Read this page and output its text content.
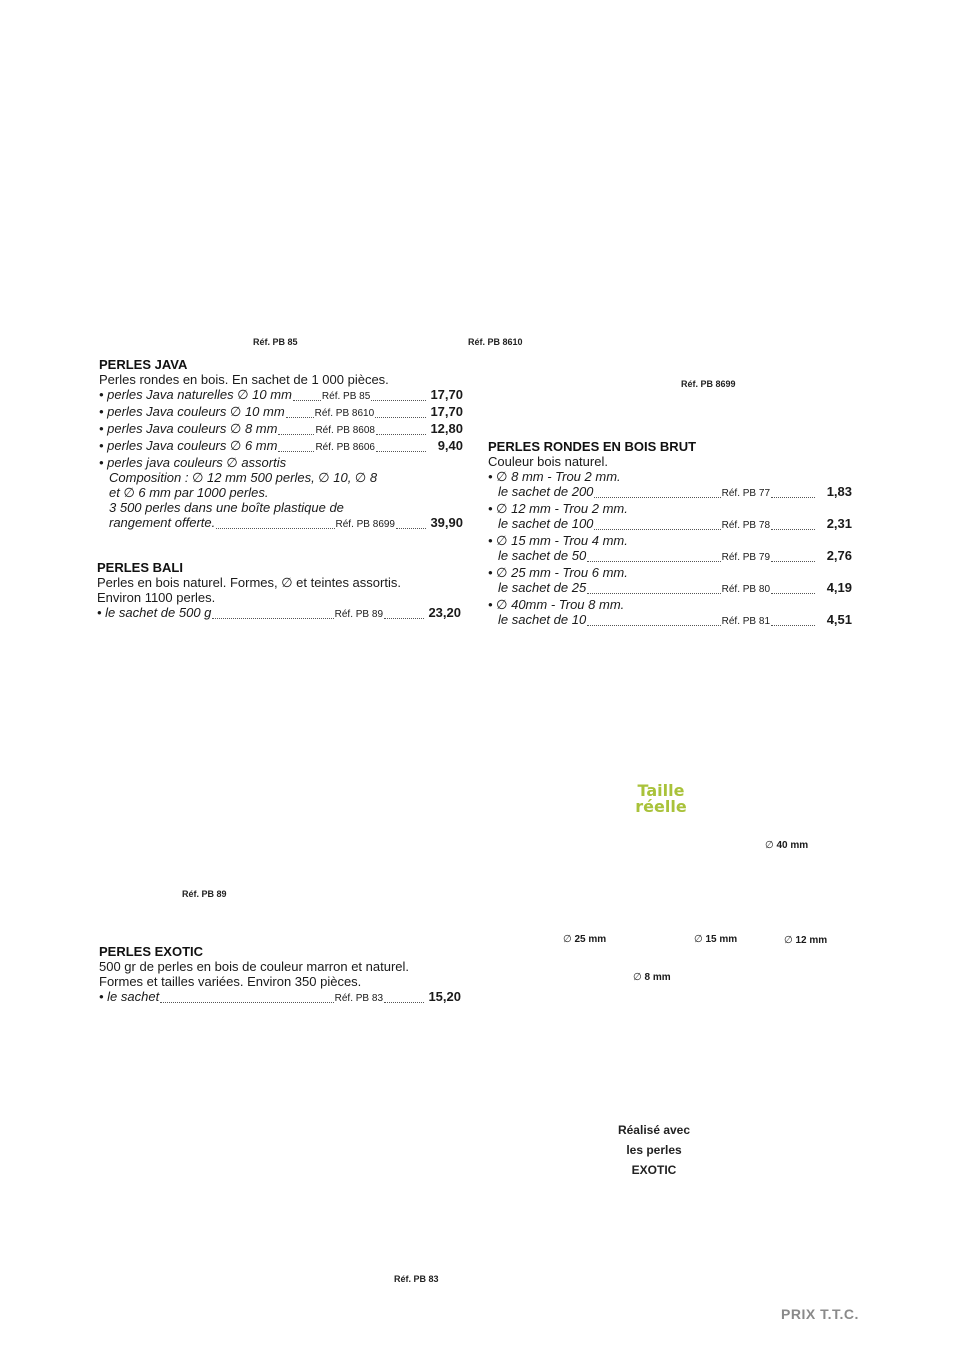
Réf. PB 85	Réf. PB 8610
Réf. PB 8699
Réf. PB 89
Réf. PB 83

PERLES JAVA

Perles rondes en bois. En sachet de 1 000 pièces.

• perles Java naturelles ∅ 10 mm	Réf. PB 85	17,70
• perles Java couleurs ∅ 10 mm	Réf. PB 8610	17,70
• perles Java couleurs ∅ 8 mm	Réf. PB 8608	12,80
• perles Java couleurs ∅ 6 mm	Réf. PB 8606	9,40
• perles java couleurs ∅ assortis
Composition : ∅ 12 mm 500 perles, ∅ 10, ∅ 8
et ∅ 6 mm par 1000 perles.
3 500 perles dans une boîte plastique de
rangement offerte.	Réf. PB 8699	39,90

PERLES BALI

Perles en bois naturel. Formes, ∅ et teintes assortis.

Environ 1100 perles.

• le sachet de 500 g	Réf. PB 89	23,20

PERLES RONDES EN BOIS BRUT

Couleur bois naturel.

• ∅ 8 mm - Trou 2 mm.
le sachet de 200	Réf. PB 77	1,83
• ∅ 12 mm - Trou 2 mm.
le sachet de 100	Réf. PB 78	2,31
• ∅ 15 mm - Trou 4 mm.
le sachet de 50	Réf. PB 79	2,76
• ∅ 25 mm - Trou 6 mm.
le sachet de 25	Réf. PB 80	4,19
• ∅ 40mm - Trou 8 mm.
le sachet de 10	Réf. PB 81	4,51

PERLES EXOTIC

500 gr de perles en bois de couleur marron et naturel.

Formes et tailles variées. Environ 350 pièces.

• le sachet	Réf. PB 83	15,20
Taille
réelle
∅ 40 mm
∅ 25 mm	∅ 15 mm	∅ 12 mm
∅ 8 mm
Réalisé avec
les perles
EXOTIC
PRIX T.T.C.
